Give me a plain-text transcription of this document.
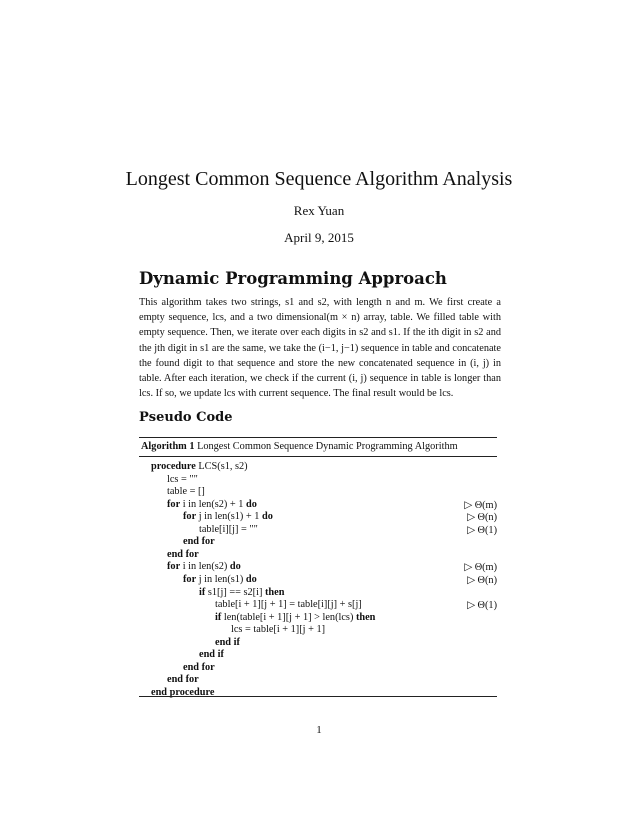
Longest Common Sequence Algorithm Analysis
Rex Yuan
April 9, 2015
Dynamic Programming Approach
This algorithm takes two strings, s1 and s2, with length n and m. We first create a empty sequence, lcs, and a two dimensional(m × n) array, table. We filled table with empty sequence. Then, we iterate over each digits in s2 and s1. If the ith digit in s2 and the jth digit in s1 are the same, we take the (i−1, j−1) sequence in table and concatenate the found digit to that sequence and store the new concatenated sequence in (i, j) in table. After each iteration, we check if the current (i, j) sequence in table is longer than lcs. If so, we update lcs with current sequence. The final result would be lcs.
Pseudo Code
Algorithm 1 Longest Common Sequence Dynamic Programming Algorithm
procedure LCS(s1, s2)
lcs = ""
table = []
for i in len(s2) + 1 do	▷ Θ(m)
for j in len(s1) + 1 do	▷ Θ(n)
table[i][j] = ""	▷ Θ(1)
end for
end for
for i in len(s2) do	▷ Θ(m)
for j in len(s1) do	▷ Θ(n)
if s1[j] == s2[i] then
table[i + 1][j + 1] = table[i][j] + s[j]	▷ Θ(1)
if len(table[i + 1][j + 1] > len(lcs) then
lcs = table[i + 1][j + 1]
end if
end if
end for
end for
end procedure
1
